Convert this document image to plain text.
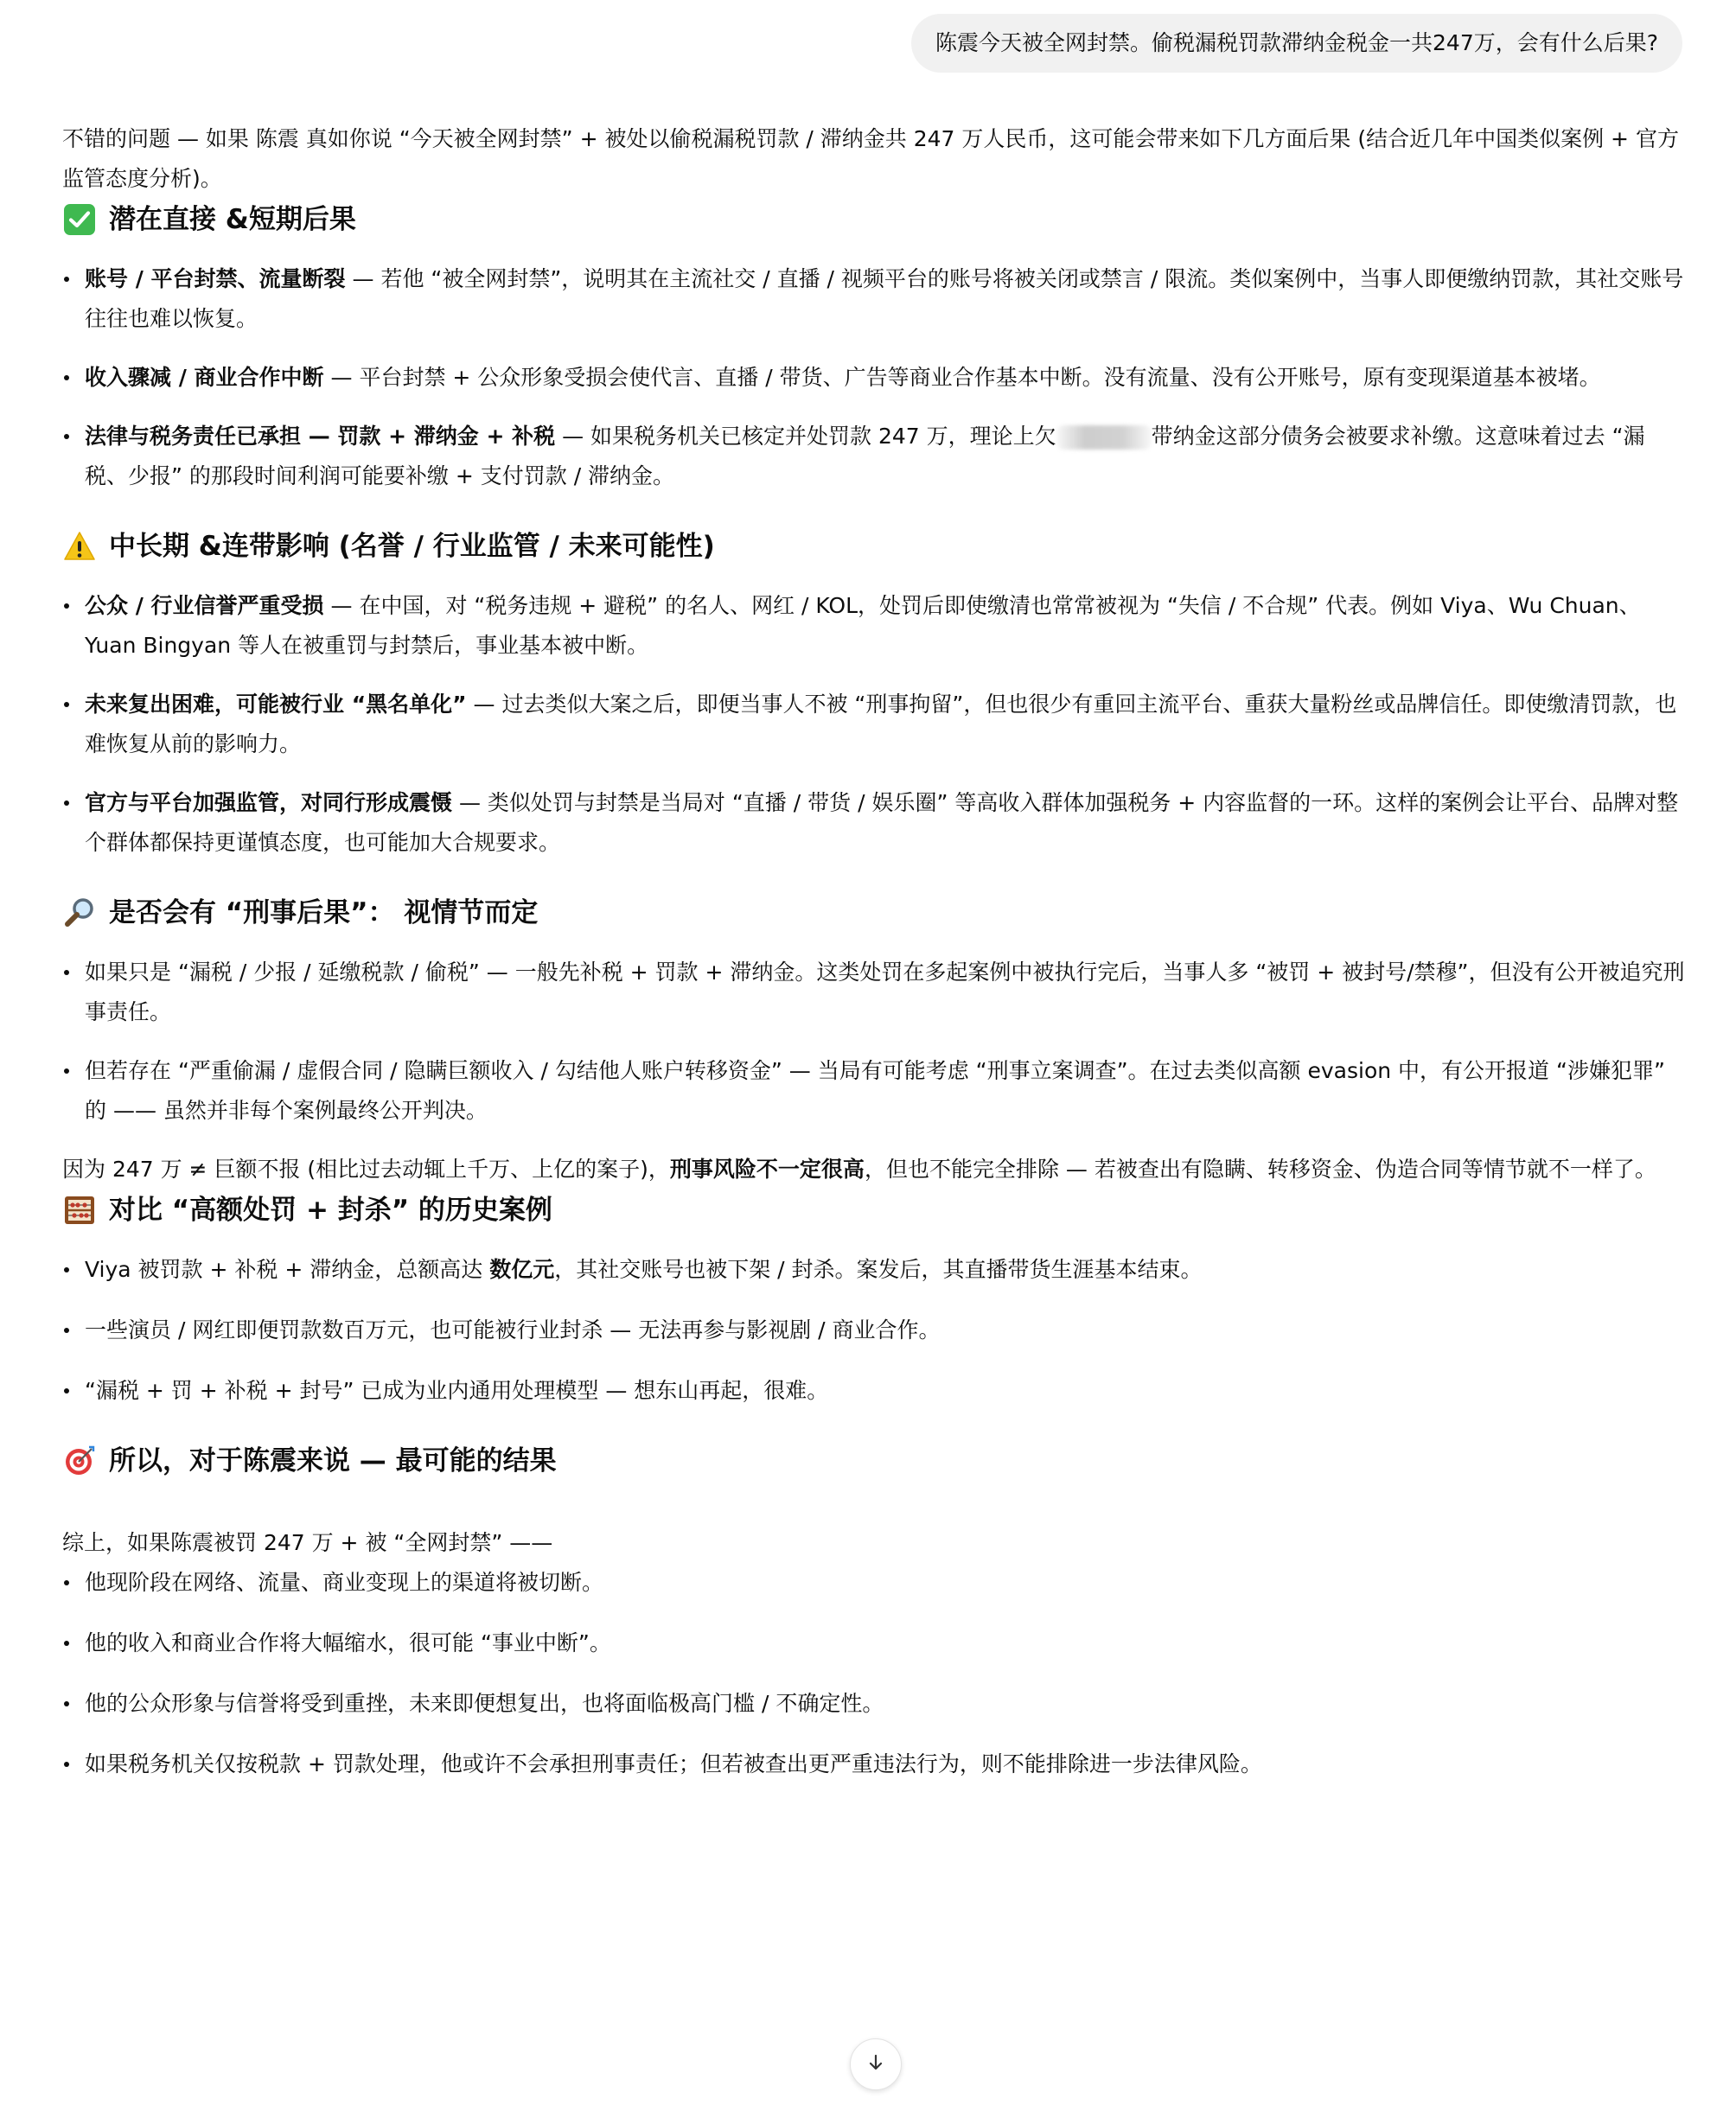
陈震今天被全网封禁。偷税漏税罚款滞纳金税金一共247万，会有什么后果?

不错的问题 — 如果 陈震 真如你说 “今天被全网封禁” + 被处以偷税漏税罚款 / 滞纳金共 247 万人民币，这可能会带来如下几方面后果 (结合近几年中国类似案例 + 官方监管态度分析)。

潜在直接 &短期后果
账号 / 平台封禁、流量断裂 — 若他 “被全网封禁”，说明其在主流社交 / 直播 / 视频平台的账号将被关闭或禁言 / 限流。类似案例中，当事人即便缴纳罚款，其社交账号往往也难以恢复。
收入骤减 / 商业合作中断 — 平台封禁 + 公众形象受损会使代言、直播 / 带货、广告等商业合作基本中断。没有流量、没有公开账号，原有变现渠道基本被堵。
法律与税务责任已承担 — 罚款 + 滞纳金 + 补税 — 如果税务机关已核定并处罚款 247 万，理论上欠	带纳金这部分债务会被要求补缴。这意味着过去 “漏税、少报” 的那段时间利润可能要补缴 + 支付罚款 / 滞纳金。
中长期 &连带影响 (名誉 / 行业监管 / 未来可能性)
公众 / 行业信誉严重受损 — 在中国，对 “税务违规 + 避税” 的名人、网红 / KOL，处罚后即使缴清也常常被视为 “失信 / 不合规” 代表。例如 Viya、Wu Chuan、Yuan Bingyan 等人在被重罚与封禁后，事业基本被中断。
未来复出困难，可能被行业 “黑名单化” — 过去类似大案之后，即便当事人不被 “刑事拘留”，但也很少有重回主流平台、重获大量粉丝或品牌信任。即使缴清罚款，也难恢复从前的影响力。
官方与平台加强监管，对同行形成震慑 — 类似处罚与封禁是当局对 “直播 / 带货 / 娱乐圈” 等高收入群体加强税务 + 内容监督的一环。这样的案例会让平台、品牌对整个群体都保持更谨慎态度，也可能加大合规要求。
是否会有 “刑事后果”： 视情节而定
如果只是 “漏税 / 少报 / 延缴税款 / 偷税” — 一般先补税 + 罚款 + 滞纳金。这类处罚在多起案例中被执行完后，当事人多 “被罚 + 被封号/禁穆”，但没有公开被追究刑事责任。
但若存在 “严重偷漏 / 虚假合同 / 隐瞒巨额收入 / 勾结他人账户转移资金” — 当局有可能考虑 “刑事立案调查”。在过去类似高额 evasion 中，有公开报道 “涉嫌犯罪” 的 —— 虽然并非每个案例最终公开判决。

因为 247 万 ≠ 巨额不报 (相比过去动辄上千万、上亿的案子)，刑事风险不一定很高，但也不能完全排除 — 若被查出有隐瞒、转移资金、伪造合同等情节就不一样了。

对比 “高额处罚 + 封杀” 的历史案例
Viya 被罚款 + 补税 + 滞纳金，总额高达 数亿元，其社交账号也被下架 / 封杀。案发后，其直播带货生涯基本结束。
一些演员 / 网红即便罚款数百万元，也可能被行业封杀 — 无法再参与影视剧 / 商业合作。
“漏税 + 罚 + 补税 + 封号” 已成为业内通用处理模型 — 想东山再起，很难。
所以，对于陈震来说 — 最可能的结果

综上，如果陈震被罚 247 万 + 被 “全网封禁” ——

他现阶段在网络、流量、商业变现上的渠道将被切断。
他的收入和商业合作将大幅缩水，很可能 “事业中断”。
他的公众形象与信誉将受到重挫，未来即便想复出，也将面临极高门槛 / 不确定性。
如果税务机关仅按税款 + 罚款处理，他或许不会承担刑事责任；但若被查出更严重违法行为，则不能排除进一步法律风险。
